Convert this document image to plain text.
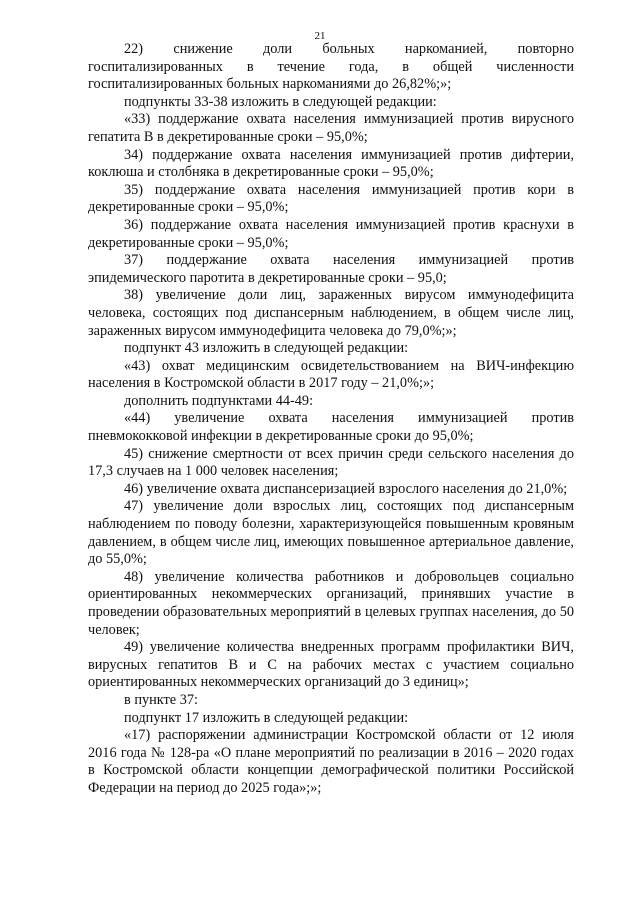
21

22) снижение доли больных наркоманией, повторно госпитализированных в течение года, в общей численности госпитализированных больных наркоманиями до 26,82%;»;

подпункты 33-38 изложить в следующей редакции:

«33) поддержание охвата населения иммунизацией против вирусного гепатита В в декретированные сроки – 95,0%;

34) поддержание охвата населения иммунизацией против дифтерии, коклюша и столбняка в декретированные сроки – 95,0%;

35) поддержание охвата населения иммунизацией против кори в декретированные сроки – 95,0%;

36) поддержание охвата населения иммунизацией против краснухи в декретированные сроки – 95,0%;

37) поддержание охвата населения иммунизацией против эпидемического паротита в декретированные сроки – 95,0;

38) увеличение доли лиц, зараженных вирусом иммунодефицита человека, состоящих под диспансерным наблюдением, в общем числе лиц, зараженных вирусом иммунодефицита человека до 79,0%;»;

подпункт 43 изложить в следующей редакции:

«43) охват медицинским освидетельствованием на ВИЧ-инфекцию населения в Костромской области в 2017 году – 21,0%;»;

дополнить подпунктами 44-49:

«44) увеличение охвата населения иммунизацией против пневмококковой инфекции в декретированные сроки до 95,0%;

45) снижение смертности от всех причин среди сельского населения до 17,3 случаев на 1 000 человек населения;

46) увеличение охвата диспансеризацией взрослого населения до 21,0%;

47) увеличение доли взрослых лиц, состоящих под диспансерным наблюдением по поводу болезни, характеризующейся повышенным кровяным давлением, в общем числе лиц, имеющих повышенное артериальное давление, до 55,0%;

48) увеличение количества работников и добровольцев социально ориентированных некоммерческих организаций, принявших участие в проведении образовательных мероприятий в целевых группах населения, до 50 человек;

49) увеличение количества внедренных программ профилактики ВИЧ, вирусных гепатитов В и С на рабочих местах с участием социально ориентированных некоммерческих организаций до 3 единиц»;

в пункте 37:

подпункт 17 изложить в следующей редакции:

«17) распоряжении администрации Костромской области от 12 июля 2016 года № 128-ра «О плане мероприятий по реализации в 2016 – 2020 годах в Костромской области концепции демографической политики Российской Федерации на период до 2025 года»;»;
